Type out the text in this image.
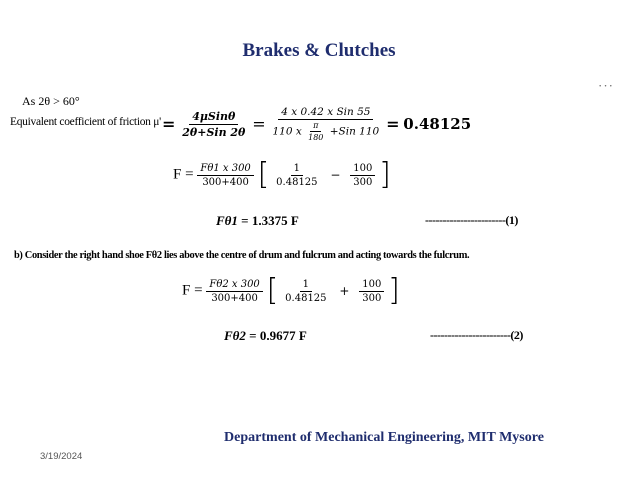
Brakes & Clutches
···
As 2θ > 60°
Equivalent coefficient of friction $\mu' = \frac{\text{4μSinθ}}{\text{2θ+Sin 2θ}} = \frac{\text{4 x 0.42 x Sin 55}}{110 x \frac{\pi}{180} +Sin 110} = 0.48125$
$F = \frac{F\theta 1 x 300}{300+400}$ [ $\frac{1}{0.48125} - \frac{100}{300}$ ]
Fθ1 = 1.3375 F	-----------------------(1)
b) Consider the right hand shoe Fθ2 lies above the centre of drum and fulcrum and acting towards the fulcrum.
$F = \frac{F\theta 2 x 300}{300+400}$ [ $\frac{1}{0.48125} + \frac{100}{300}$ ]
Fθ2 = 0.9677 F	-----------------------(2)
Department of Mechanical Engineering, MIT Mysore
3/19/2024
